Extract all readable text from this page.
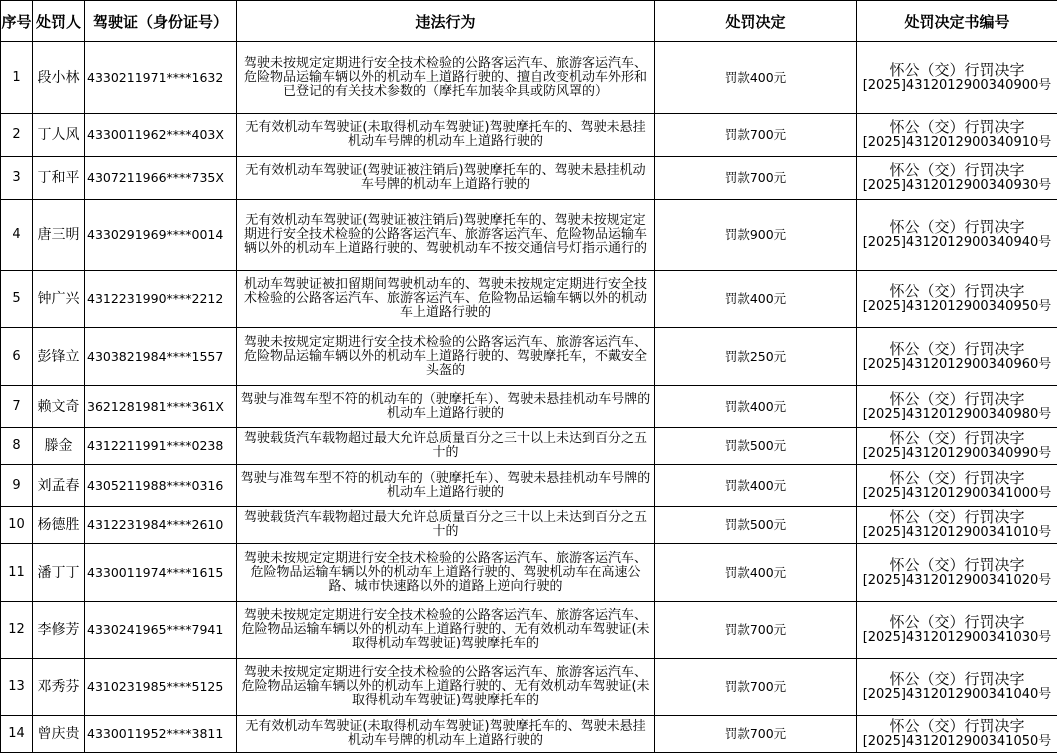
序号	处罚人	驾驶证（身份证号）	违法行为	处罚决定	处罚决定书编号
1	段小林	4330211971****1632	驾驶未按规定定期进行安全技术检验的公路客运汽车、旅游客运汽车、危险物品运输车辆以外的机动车上道路行驶的、擅自改变机动车外形和已登记的有关技术参数的（摩托车加装伞具或防风罩的）	罚款400元	怀公（交）行罚决字
[2025]4312012900340900号

2	丁人风	4330011962****403X	无有效机动车驾驶证(未取得机动车驾驶证)驾驶摩托车的、驾驶未悬挂机动车号牌的机动车上道路行驶的	罚款700元	怀公（交）行罚决字
[2025]4312012900340910号

3	丁和平	4307211966****735X	无有效机动车驾驶证(驾驶证被注销后)驾驶摩托车的、驾驶未悬挂机动车号牌的机动车上道路行驶的	罚款700元	怀公（交）行罚决字
[2025]4312012900340930号

4	唐三明	4330291969****0014	无有效机动车驾驶证(驾驶证被注销后)驾驶摩托车的、驾驶未按规定定期进行安全技术检验的公路客运汽车、旅游客运汽车、危险物品运输车辆以外的机动车上道路行驶的、驾驶机动车不按交通信号灯指示通行的	罚款900元	怀公（交）行罚决字
[2025]4312012900340940号

5	钟广兴	4312231990****2212	机动车驾驶证被扣留期间驾驶机动车的、驾驶未按规定定期进行安全技术检验的公路客运汽车、旅游客运汽车、危险物品运输车辆以外的机动车上道路行驶的	罚款400元	怀公（交）行罚决字
[2025]4312012900340950号

6	彭锋立	4303821984****1557	驾驶未按规定定期进行安全技术检验的公路客运汽车、旅游客运汽车、危险物品运输车辆以外的机动车上道路行驶的、驾驶摩托车，不戴安全头盔的	罚款250元	怀公（交）行罚决字
[2025]4312012900340960号

7	赖文奇	3621281981****361X	驾驶与准驾车型不符的机动车的（驶摩托车）、驾驶未悬挂机动车号牌的机动车上道路行驶的	罚款400元	怀公（交）行罚决字
[2025]4312012900340980号

8	滕金	4312211991****0238	驾驶载货汽车载物超过最大允许总质量百分之三十以上未达到百分之五十的	罚款500元	怀公（交）行罚决字
[2025]4312012900340990号

9	刘孟春	4305211988****0316	驾驶与准驾车型不符的机动车的（驶摩托车）、驾驶未悬挂机动车号牌的机动车上道路行驶的	罚款400元	怀公（交）行罚决字
[2025]4312012900341000号

10	杨德胜	4312231984****2610	驾驶载货汽车载物超过最大允许总质量百分之三十以上未达到百分之五十的	罚款500元	怀公（交）行罚决字
[2025]4312012900341010号

11	潘丁丁	4330011974****1615	驾驶未按规定定期进行安全技术检验的公路客运汽车、旅游客运汽车、危险物品运输车辆以外的机动车上道路行驶的、驾驶机动车在高速公路、城市快速路以外的道路上逆向行驶的	罚款400元	怀公（交）行罚决字
[2025]4312012900341020号

12	李修芳	4330241965****7941	驾驶未按规定定期进行安全技术检验的公路客运汽车、旅游客运汽车、危险物品运输车辆以外的机动车上道路行驶的、无有效机动车驾驶证(未取得机动车驾驶证)驾驶摩托车的	罚款700元	怀公（交）行罚决字
[2025]4312012900341030号

13	邓秀芬	4310231985****5125	驾驶未按规定定期进行安全技术检验的公路客运汽车、旅游客运汽车、危险物品运输车辆以外的机动车上道路行驶的、无有效机动车驾驶证(未取得机动车驾驶证)驾驶摩托车的	罚款700元	怀公（交）行罚决字
[2025]4312012900341040号

14	曾庆贵	4330011952****3811	无有效机动车驾驶证(未取得机动车驾驶证)驾驶摩托车的、驾驶未悬挂机动车号牌的机动车上道路行驶的	罚款700元	怀公（交）行罚决字
[2025]4312012900341050号
